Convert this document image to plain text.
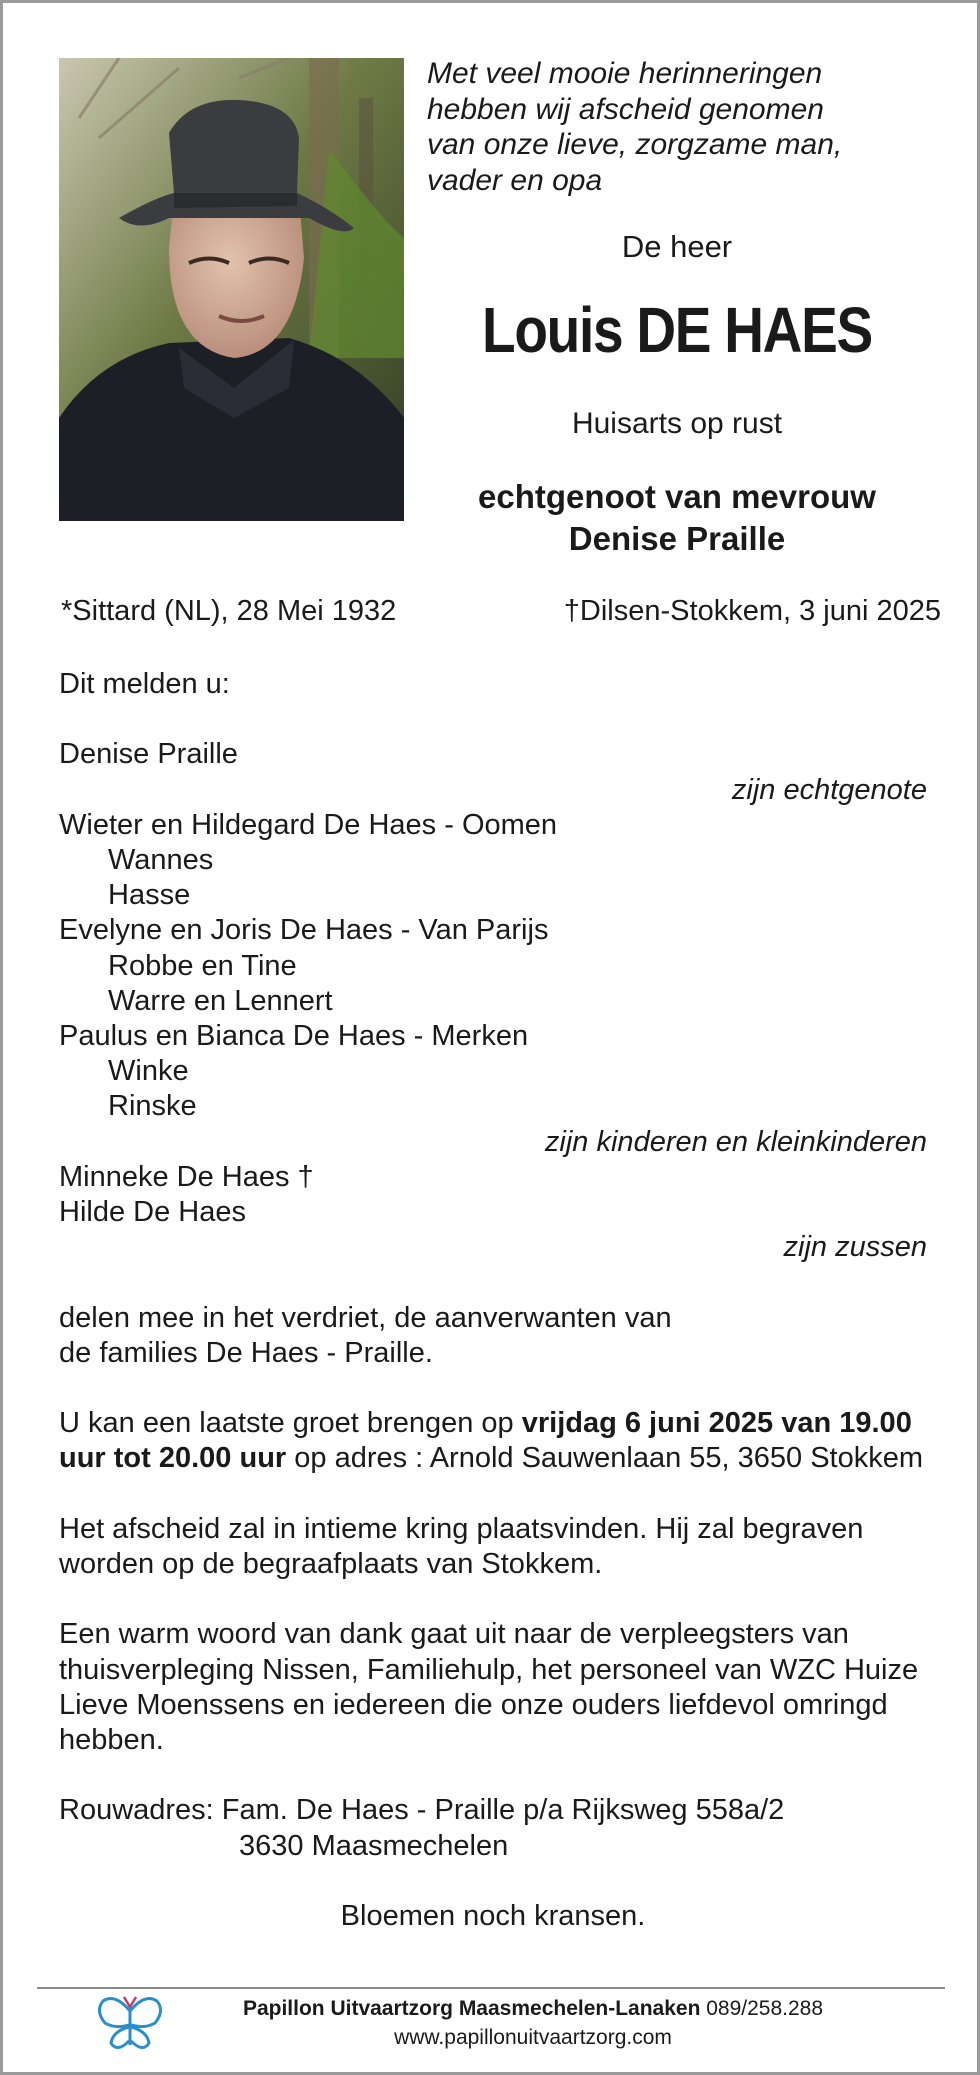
Met veel mooie herinneringen
hebben wij afscheid genomen
van onze lieve, zorgzame man,
vader en opa
De heer
Louis DE HAES
Huisarts op rust
echtgenoot van mevrouw
Denise Praille
*Sittard (NL), 28 Mei 1932	†Dilsen-Stokkem, 3 juni 2025
Dit melden u:
Denise Praille
zijn echtgenote
Wieter en Hildegard De Haes - Oomen
Wannes
Hasse
Evelyne en Joris De Haes - Van Parijs
Robbe en Tine
Warre en Lennert
Paulus en Bianca De Haes - Merken
Winke
Rinske
zijn kinderen en kleinkinderen
Minneke De Haes †
Hilde De Haes
zijn zussen
delen mee in het verdriet, de aanverwanten van
de families De Haes - Praille.
U kan een laatste groet brengen op vrijdag 6 juni 2025 van 19.00 uur tot 20.00 uur op adres : Arnold Sauwenlaan 55, 3650 Stokkem
Het afscheid zal in intieme kring plaatsvinden. Hij zal begraven worden op de begraafplaats van Stokkem.
Een warm woord van dank gaat uit naar de verpleegsters van thuisverpleging Nissen, Familiehulp, het personeel van WZC Huize Lieve Moenssens en iedereen die onze ouders liefdevol omringd hebben.
Rouwadres: Fam. De Haes - Praille p/a Rijksweg 558a/2
3630 Maasmechelen
Bloemen noch kransen.
Papillon Uitvaartzorg Maasmechelen-Lanaken 089/258.288
www.papillonuitvaartzorg.com
